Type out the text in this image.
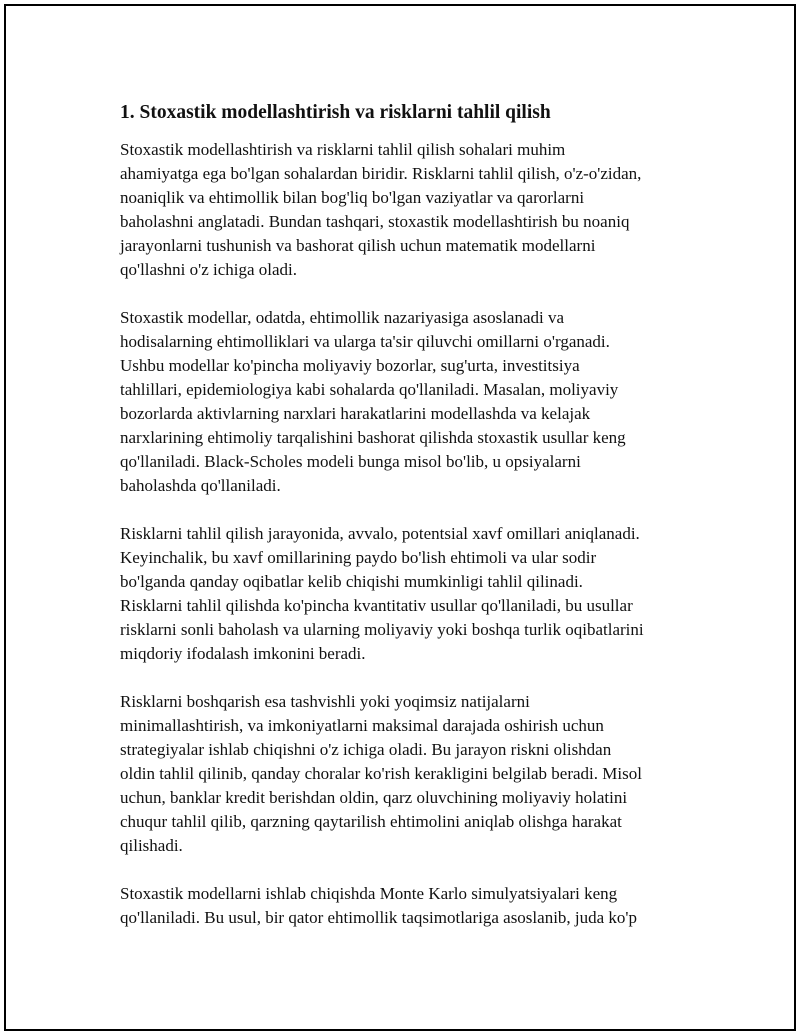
1. Stoxastik modellashtirish va risklarni tahlil qilish
Stoxastik modellashtirish va risklarni tahlil qilish sohalari muhim
ahamiyatga ega bo'lgan sohalardan biridir. Risklarni tahlil qilish, o'z-o'zidan,
noaniqlik va ehtimollik bilan bog'liq bo'lgan vaziyatlar va qarorlarni
baholashni anglatadi. Bundan tashqari, stoxastik modellashtirish bu noaniq
jarayonlarni tushunish va bashorat qilish uchun matematik modellarni
qo'llashni o'z ichiga oladi.
Stoxastik modellar, odatda, ehtimollik nazariyasiga asoslanadi va
hodisalarning ehtimolliklari va ularga ta'sir qiluvchi omillarni o'rganadi.
Ushbu modellar ko'pincha moliyaviy bozorlar, sug'urta, investitsiya
tahlillari, epidemiologiya kabi sohalarda qo'llaniladi. Masalan, moliyaviy
bozorlarda aktivlarning narxlari harakatlarini modellashda va kelajak
narxlarining ehtimoliy tarqalishini bashorat qilishda stoxastik usullar keng
qo'llaniladi. Black-Scholes modeli bunga misol bo'lib, u opsiyalarni
baholashda qo'llaniladi.
Risklarni tahlil qilish jarayonida, avvalo, potentsial xavf omillari aniqlanadi.
Keyinchalik, bu xavf omillarining paydo bo'lish ehtimoli va ular sodir
bo'lganda qanday oqibatlar kelib chiqishi mumkinligi tahlil qilinadi.
Risklarni tahlil qilishda ko'pincha kvantitativ usullar qo'llaniladi, bu usullar
risklarni sonli baholash va ularning moliyaviy yoki boshqa turlik oqibatlarini
miqdoriy ifodalash imkonini beradi.
Risklarni boshqarish esa tashvishli yoki yoqimsiz natijalarni
minimallashtirish, va imkoniyatlarni maksimal darajada oshirish uchun
strategiyalar ishlab chiqishni o'z ichiga oladi. Bu jarayon riskni olishdan
oldin tahlil qilinib, qanday choralar ko'rish kerakligini belgilab beradi. Misol
uchun, banklar kredit berishdan oldin, qarz oluvchining moliyaviy holatini
chuqur tahlil qilib, qarzning qaytarilish ehtimolini aniqlab olishga harakat
qilishadi.
Stoxastik modellarni ishlab chiqishda Monte Karlo simulyatsiyalari keng
qo'llaniladi. Bu usul, bir qator ehtimollik taqsimotlariga asoslanib, juda ko'p
